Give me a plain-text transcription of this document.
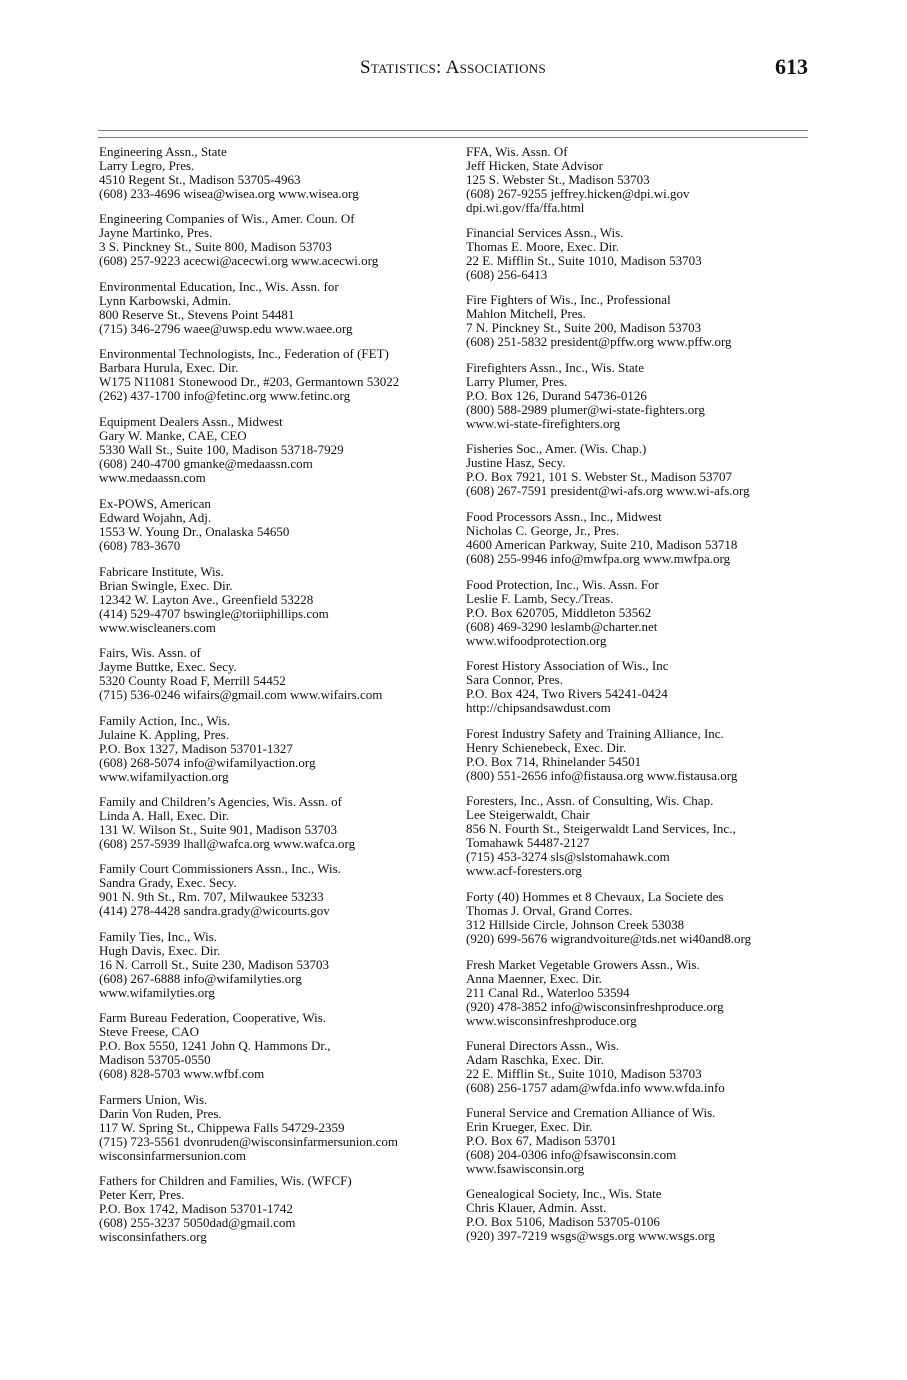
Statistics: Associations	613
Engineering Assn., State
Larry Legro, Pres.
4510 Regent St., Madison 53705-4963
(608) 233-4696 wisea@wisea.org www.wisea.org
Engineering Companies of Wis., Amer. Coun. Of
Jayne Martinko, Pres.
3 S. Pinckney St., Suite 800, Madison 53703
(608) 257-9223 acecwi@acecwi.org www.acecwi.org
Environmental Education, Inc., Wis. Assn. for
Lynn Karbowski, Admin.
800 Reserve St., Stevens Point 54481
(715) 346-2796 waee@uwsp.edu www.waee.org
Environmental Technologists, Inc., Federation of (FET)
Barbara Hurula, Exec. Dir.
W175 N11081 Stonewood Dr., #203, Germantown 53022
(262) 437-1700 info@fetinc.org www.fetinc.org
Equipment Dealers Assn., Midwest
Gary W. Manke, CAE, CEO
5330 Wall St., Suite 100, Madison 53718-7929
(608) 240-4700 gmanke@medaassn.com
www.medaassn.com
Ex-POWS, American
Edward Wojahn, Adj.
1553 W. Young Dr., Onalaska 54650
(608) 783-3670
Fabricare Institute, Wis.
Brian Swingle, Exec. Dir.
12342 W. Layton Ave., Greenfield 53228
(414) 529-4707 bswingle@toriiphillips.com
www.wiscleaners.com
Fairs, Wis. Assn. of
Jayme Buttke, Exec. Secy.
5320 County Road F, Merrill 54452
(715) 536-0246 wifairs@gmail.com www.wifairs.com
Family Action, Inc., Wis.
Julaine K. Appling, Pres.
P.O. Box 1327, Madison 53701-1327
(608) 268-5074 info@wifamilyaction.org
www.wifamilyaction.org
Family and Children’s Agencies, Wis. Assn. of
Linda A. Hall, Exec. Dir.
131 W. Wilson St., Suite 901, Madison 53703
(608) 257-5939 lhall@wafca.org www.wafca.org
Family Court Commissioners Assn., Inc., Wis.
Sandra Grady, Exec. Secy.
901 N. 9th St., Rm. 707, Milwaukee 53233
(414) 278-4428 sandra.grady@wicourts.gov
Family Ties, Inc., Wis.
Hugh Davis, Exec. Dir.
16 N. Carroll St., Suite 230, Madison 53703
(608) 267-6888 info@wifamilyties.org
www.wifamilyties.org
Farm Bureau Federation, Cooperative, Wis.
Steve Freese, CAO
P.O. Box 5550, 1241 John Q. Hammons Dr.,
Madison 53705-0550
(608) 828-5703 www.wfbf.com
Farmers Union, Wis.
Darin Von Ruden, Pres.
117 W. Spring St., Chippewa Falls 54729-2359
(715) 723-5561 dvonruden@wisconsinfarmersunion.com
wisconsinfarmersunion.com
Fathers for Children and Families, Wis. (WFCF)
Peter Kerr, Pres.
P.O. Box 1742, Madison 53701-1742
(608) 255-3237 5050dad@gmail.com
wisconsinfathers.org
FFA, Wis. Assn. Of
Jeff Hicken, State Advisor
125 S. Webster St., Madison 53703
(608) 267-9255 jeffrey.hicken@dpi.wi.gov
dpi.wi.gov/ffa/ffa.html
Financial Services Assn., Wis.
Thomas E. Moore, Exec. Dir.
22 E. Mifflin St., Suite 1010, Madison 53703
(608) 256-6413
Fire Fighters of Wis., Inc., Professional
Mahlon Mitchell, Pres.
7 N. Pinckney St., Suite 200, Madison 53703
(608) 251-5832 president@pffw.org www.pffw.org
Firefighters Assn., Inc., Wis. State
Larry Plumer, Pres.
P.O. Box 126, Durand 54736-0126
(800) 588-2989 plumer@wi-state-fighters.org
www.wi-state-firefighters.org
Fisheries Soc., Amer. (Wis. Chap.)
Justine Hasz, Secy.
P.O. Box 7921, 101 S. Webster St., Madison 53707
(608) 267-7591 president@wi-afs.org www.wi-afs.org
Food Processors Assn., Inc., Midwest
Nicholas C. George, Jr., Pres.
4600 American Parkway, Suite 210, Madison 53718
(608) 255-9946 info@mwfpa.org www.mwfpa.org
Food Protection, Inc., Wis. Assn. For
Leslie F. Lamb, Secy./Treas.
P.O. Box 620705, Middleton 53562
(608) 469-3290 leslamb@charter.net
www.wifoodprotection.org
Forest History Association of Wis., Inc
Sara Connor, Pres.
P.O. Box 424, Two Rivers 54241-0424
http://chipsandsawdust.com
Forest Industry Safety and Training Alliance, Inc.
Henry Schienebeck, Exec. Dir.
P.O. Box 714, Rhinelander 54501
(800) 551-2656 info@fistausa.org www.fistausa.org
Foresters, Inc., Assn. of Consulting, Wis. Chap.
Lee Steigerwaldt, Chair
856 N. Fourth St., Steigerwaldt Land Services, Inc.,
Tomahawk 54487-2127
(715) 453-3274 sls@slstomahawk.com
www.acf-foresters.org
Forty (40) Hommes et 8 Chevaux, La Societe des
Thomas J. Orval, Grand Corres.
312 Hillside Circle, Johnson Creek 53038
(920) 699-5676 wigrandvoiture@tds.net wi40and8.org
Fresh Market Vegetable Growers Assn., Wis.
Anna Maenner, Exec. Dir.
211 Canal Rd., Waterloo 53594
(920) 478-3852 info@wisconsinfreshproduce.org
www.wisconsinfreshproduce.org
Funeral Directors Assn., Wis.
Adam Raschka, Exec. Dir.
22 E. Mifflin St., Suite 1010, Madison 53703
(608) 256-1757 adam@wfda.info www.wfda.info
Funeral Service and Cremation Alliance of Wis.
Erin Krueger, Exec. Dir.
P.O. Box 67, Madison 53701
(608) 204-0306 info@fsawisconsin.com
www.fsawisconsin.org
Genealogical Society, Inc., Wis. State
Chris Klauer, Admin. Asst.
P.O. Box 5106, Madison 53705-0106
(920) 397-7219 wsgs@wsgs.org www.wsgs.org
